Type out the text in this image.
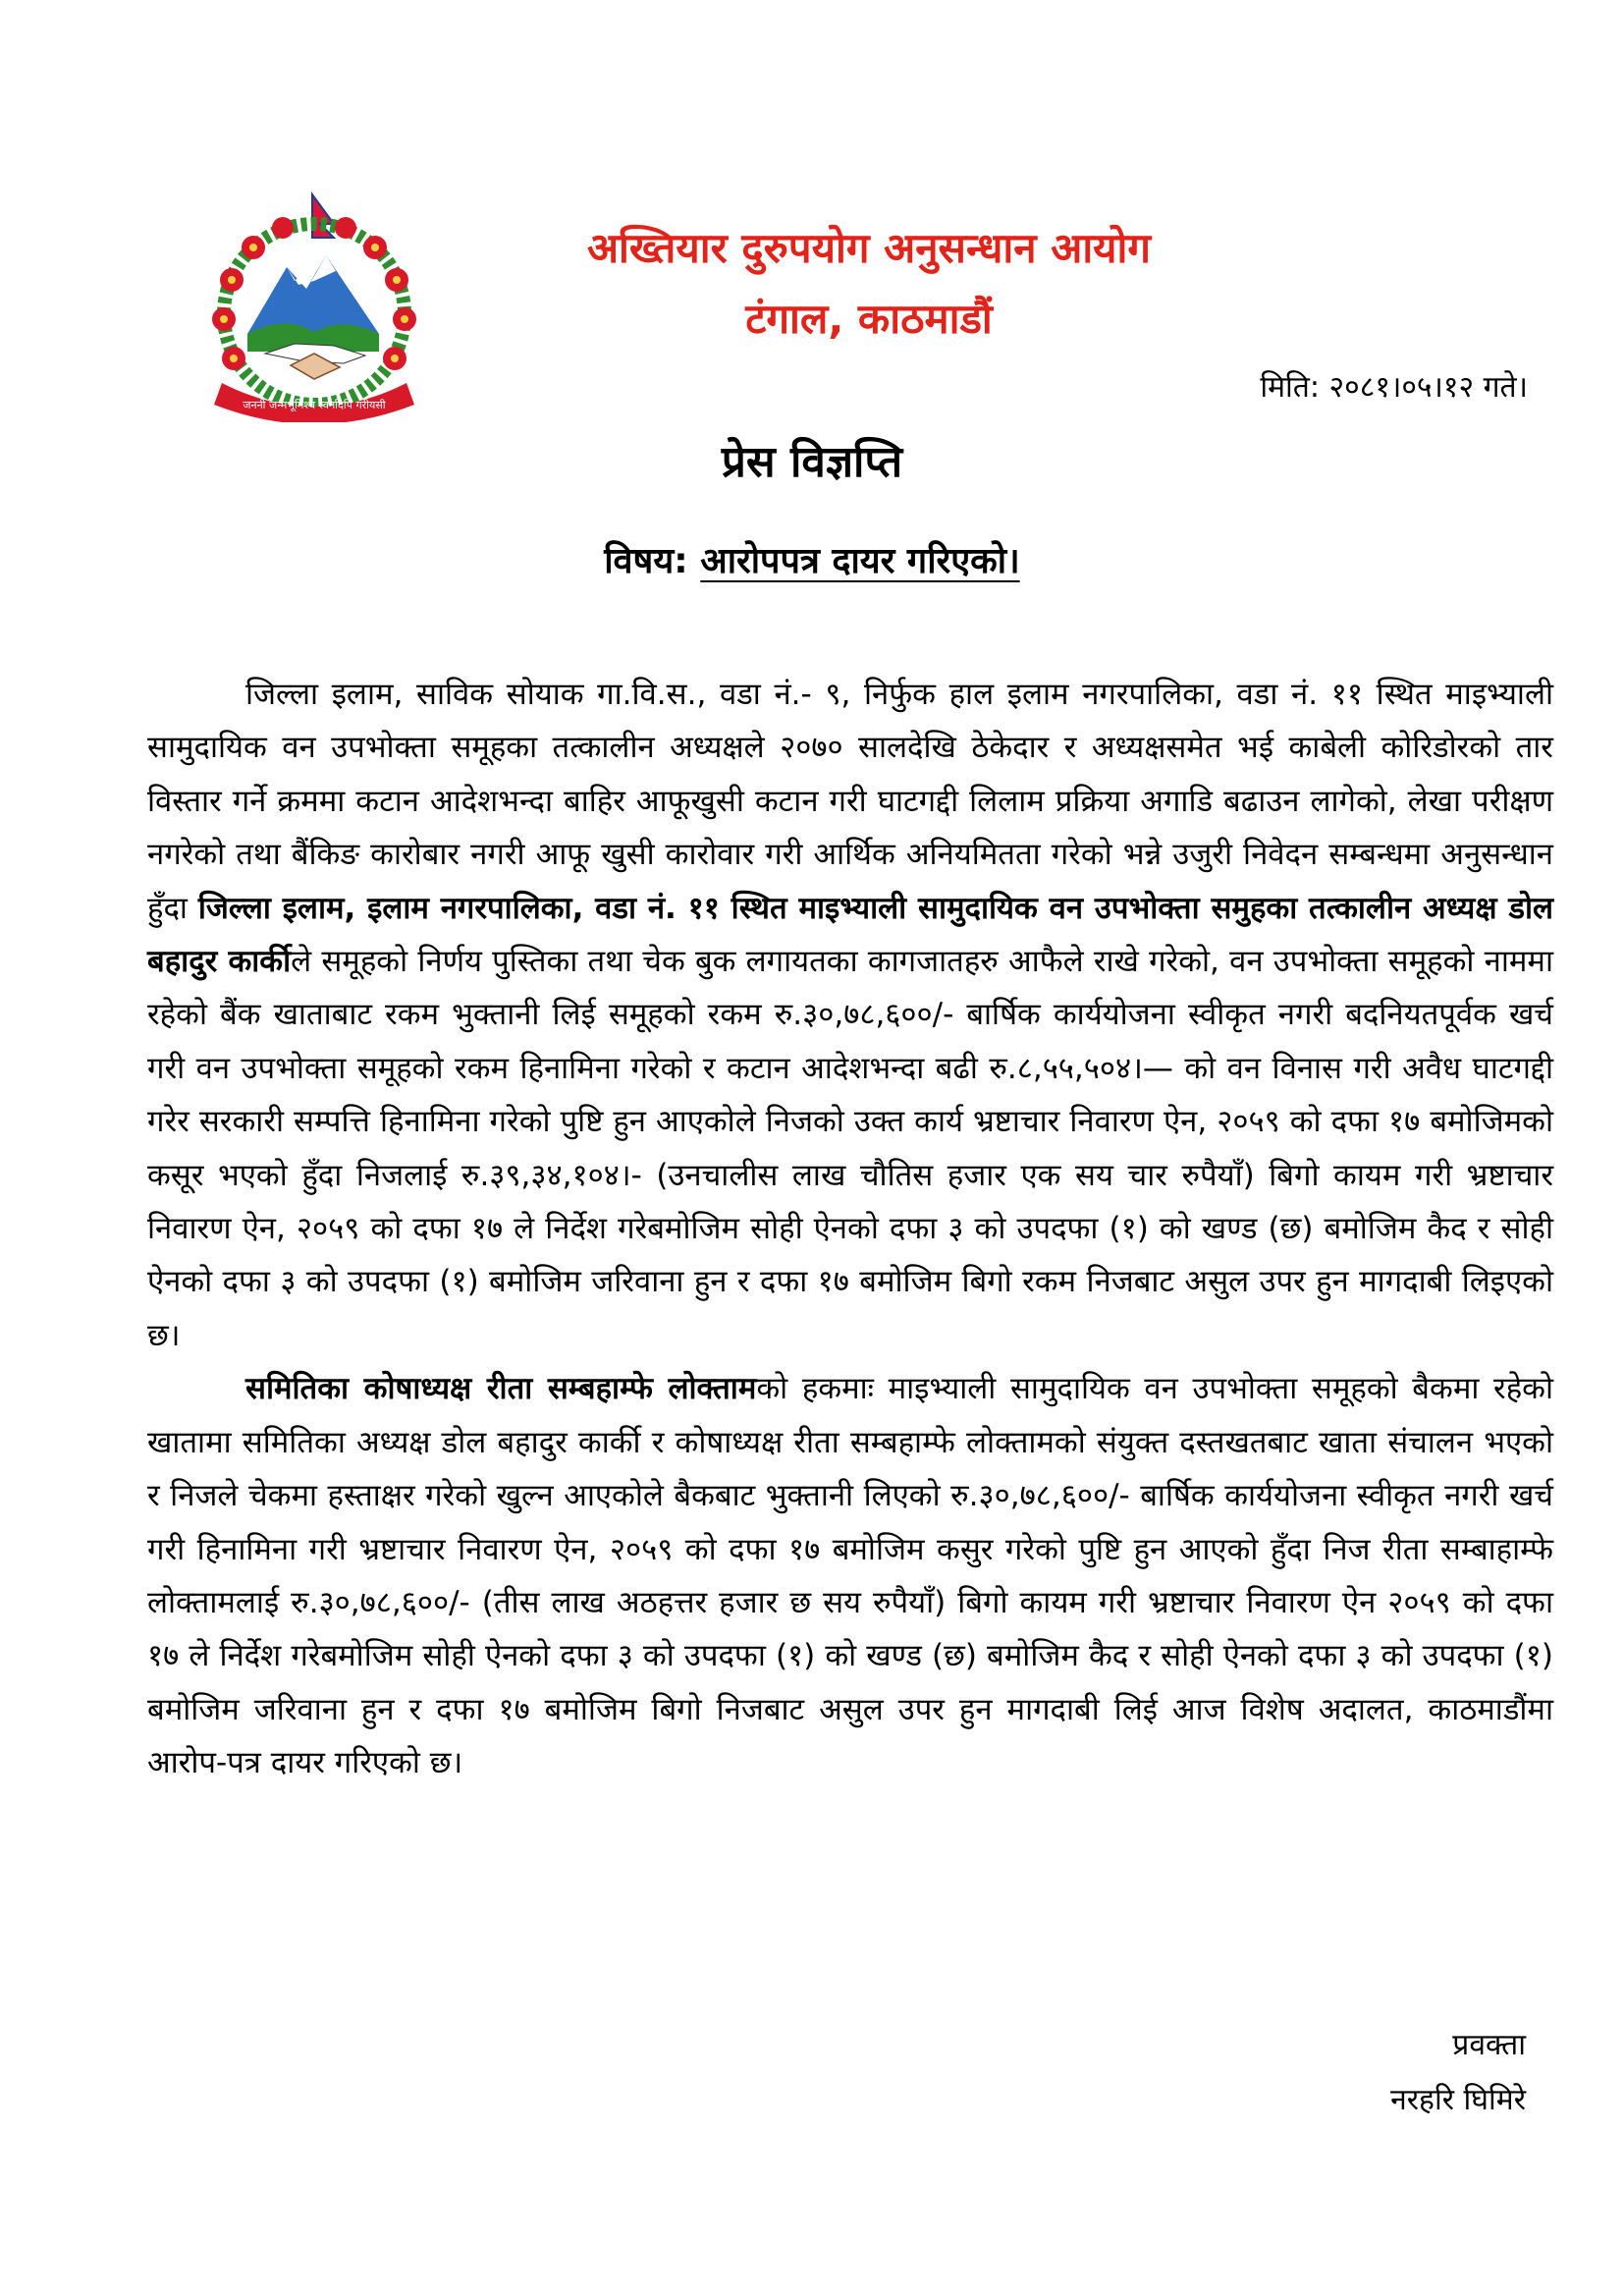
जननी जन्मभूमिश्च स्वर्गादपि गरीयसी
अख्तियार दुरुपयोग अनुसन्धान आयोग
टंगाल, काठमाडौं
मिति: २०८१।०५।१२ गते।
प्रेस विज्ञप्ति
विषय: आरोपपत्र दायर गरिएको।

जिल्ला इलाम, साविक सोयाक गा.वि.स., वडा नं.- ९, निर्फुक हाल इलाम नगरपालिका, वडा नं. ११ स्थित माइभ्याली सामुदायिक वन उपभोक्ता समूहका तत्कालीन अध्यक्षले २०७० सालदेखि ठेकेदार र अध्यक्षसमेत भई काबेली कोरिडोरको तार विस्तार गर्ने क्रममा कटान आदेशभन्दा बाहिर आफूखुसी कटान गरी घाटगद्दी लिलाम प्रक्रिया अगाडि बढाउन लागेको, लेखा परीक्षण नगरेको तथा बैंकिङ कारोबार नगरी आफू खुसी कारोवार गरी आर्थिक अनियमितता गरेको भन्ने उजुरी निवेदन सम्बन्धमा अनुसन्धान हुँदा जिल्ला इलाम, इलाम नगरपालिका, वडा नं. ११ स्थित माइभ्याली सामुदायिक वन उपभोक्ता समुहका तत्कालीन अध्यक्ष डोल बहादुर कार्कीले समूहको निर्णय पुस्तिका तथा चेक बुक लगायतका कागजातहरु आफैले राखे गरेको, वन उपभोक्ता समूहको नाममा रहेको बैंक खाताबाट रकम भुक्तानी लिई समूहको रकम रु.३०,७८,६००/- बार्षिक कार्ययोजना स्वीकृत नगरी बदनियतपूर्वक खर्च गरी वन उपभोक्ता समूहको रकम हिनामिना गरेको र कटान आदेशभन्दा बढी रु.८,५५,५०४।— को वन विनास गरी अवैध घाटगद्दी गरेर सरकारी सम्पत्ति हिनामिना गरेको पुष्टि हुन आएकोले निजको उक्त कार्य भ्रष्टाचार निवारण ऐन, २०५९ को दफा १७ बमोजिमको कसूर भएको हुँदा निजलाई रु.३९,३४,१०४।- (उनचालीस लाख चौतिस हजार एक सय चार रुपैयाँ) बिगो कायम गरी भ्रष्टाचार निवारण ऐन, २०५९ को दफा १७ ले निर्देश गरेबमोजिम सोही ऐनको दफा ३ को उपदफा (१) को खण्ड (छ) बमोजिम कैद र सोही ऐनको दफा ३ को उपदफा (१) बमोजिम जरिवाना हुन र दफा १७ बमोजिम बिगो रकम निजबाट असुल उपर हुन मागदाबी लिइएको छ।

समितिका कोषाध्यक्ष रीता सम्बहाम्फे लोक्तामको हकमाः माइभ्याली सामुदायिक वन उपभोक्ता समूहको बैकमा रहेको खातामा समितिका अध्यक्ष डोल बहादुर कार्की र कोषाध्यक्ष रीता सम्बहाम्फे लोक्तामको संयुक्त दस्तखतबाट खाता संचालन भएको र निजले चेकमा हस्ताक्षर गरेको खुल्न आएकोले बैकबाट भुक्तानी लिएको रु.३०,७८,६००/- बार्षिक कार्ययोजना स्वीकृत नगरी खर्च गरी हिनामिना गरी भ्रष्टाचार निवारण ऐन, २०५९ को दफा १७ बमोजिम कसुर गरेको पुष्टि हुन आएको हुँदा निज रीता सम्बाहाम्फे लोक्तामलाई रु.३०,७८,६००/- (तीस लाख अठहत्तर हजार छ सय रुपैयाँ) बिगो कायम गरी भ्रष्टाचार निवारण ऐन २०५९ को दफा १७ ले निर्देश गरेबमोजिम सोही ऐनको दफा ३ को उपदफा (१) को खण्ड (छ) बमोजिम कैद र सोही ऐनको दफा ३ को उपदफा (१) बमोजिम जरिवाना हुन र दफा १७ बमोजिम बिगो निजबाट असुल उपर हुन मागदाबी लिई आज विशेष अदालत, काठमाडौंमा आरोप-पत्र दायर गरिएको छ।

प्रवक्ता
नरहरि घिमिरे
